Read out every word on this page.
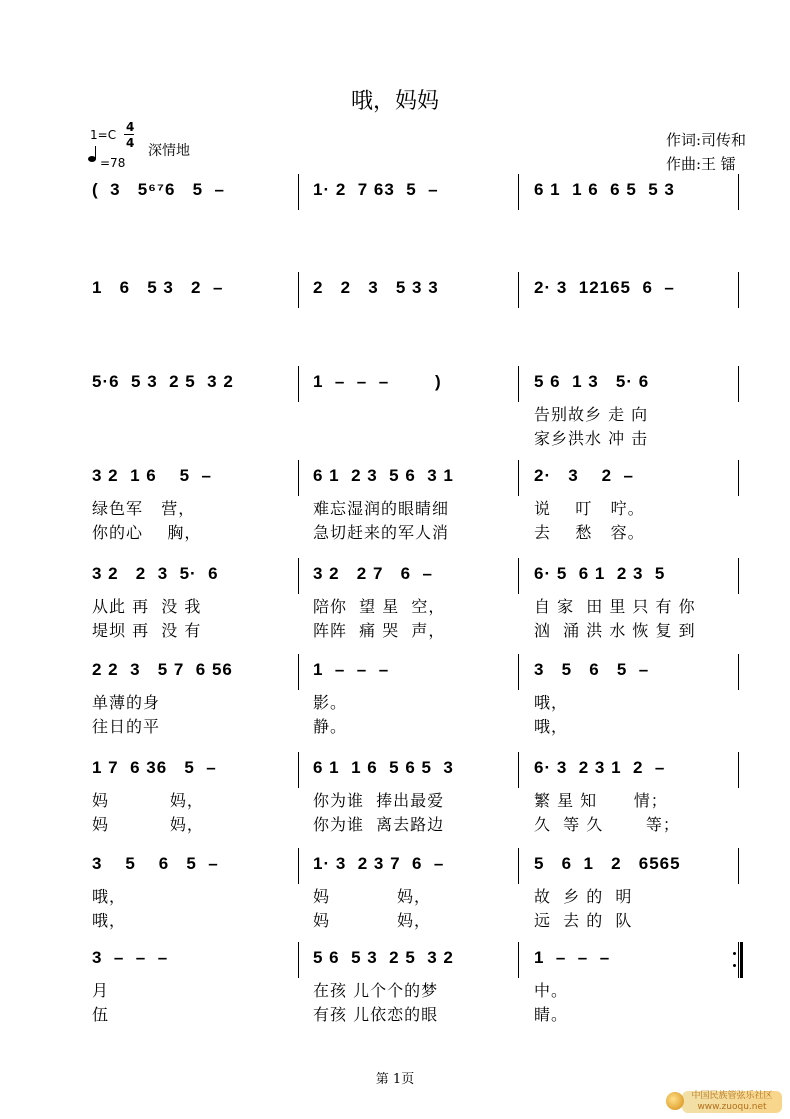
哦，妈妈
1=C
4
4 深情地
=78
作词:司传和
作曲:王 镭
(  3   5⁶⁷6   5  –	1· 2  7 63  5  –	6 1  1 6  6 5  5 3
1   6   5 3   2  –	2   2   3   5 3 3	2· 3  12165  6  –
5·6  5 3  2 5  3 2	1  –  –  –        )	5 6  1 3   5· 6
告别故乡 走 向
家乡洪水 冲 击
3 2  1 6    5  –
绿色军   营，
你的心    胸，
6 1  2 3  5 6  3 1
难忘湿润的眼睛细
急切赶来的军人消
2·   3    2  –
说    叮   咛。
去    愁   容。
3 2   2  3  5·  6
从此 再  没 我
堤坝 再  没 有
3 2   2 7   6  –
陪你  望 星  空，
阵阵  痛 哭  声，
6· 5  6 1  2 3  5
自 家  田 里 只 有 你
汹  涌 洪 水 恢 复 到
2 2  3   5 7  6 56
单薄的身
往日的平
1  –  –  –
影。
静。
3   5   6   5  –
哦，
哦，
1 7  6 36   5  –
妈          妈，
妈          妈，
6 1  1 6  5 6 5  3
你为谁  捧出最爱
你为谁  离去路边
6· 3  2 3 1  2  –
繁 星 知      情；
久  等 久       等；
3    5    6   5  –
哦，
哦，
1· 3  2 3 7  6  –
妈           妈，
妈           妈，
5   6  1   2   6565
故  乡 的  明
远  去 的  队
3  –  –  –
月
伍
5 6  5 3  2 5  3 2
在孩 儿个个的梦
有孩 儿依恋的眼
1  –  –  –
中。
睛。
第 1页
中国民族管弦乐社区
www.zuoqu.net
